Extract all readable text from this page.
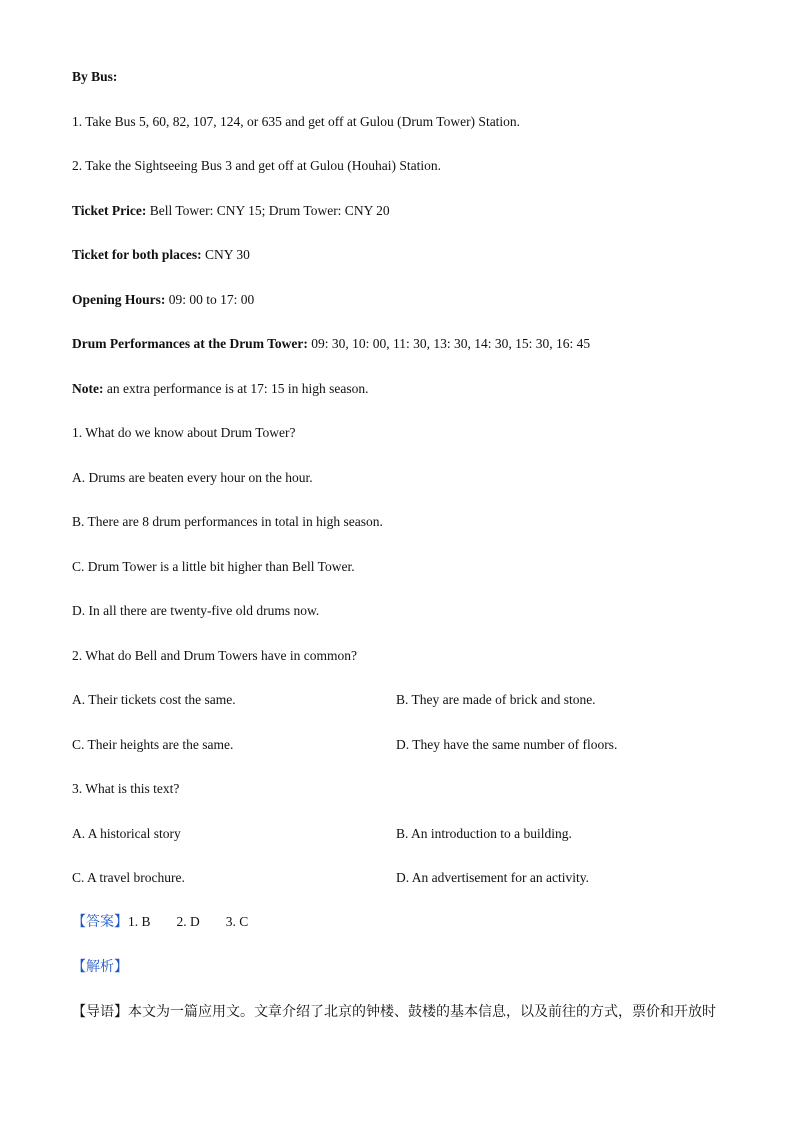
By Bus:
1. Take Bus 5, 60, 82, 107, 124, or 635 and get off at Gulou (Drum Tower) Station.
2. Take the Sightseeing Bus 3 and get off at Gulou (Houhai) Station.
Ticket Price: Bell Tower: CNY 15; Drum Tower: CNY 20
Ticket for both places: CNY 30
Opening Hours: 09: 00 to 17: 00
Drum Performances at the Drum Tower: 09: 30, 10: 00, 11: 30, 13: 30, 14: 30, 15: 30, 16: 45
Note: an extra performance is at 17: 15 in high season.
1. What do we know about Drum Tower?
A. Drums are beaten every hour on the hour.
B. There are 8 drum performances in total in high season.
C. Drum Tower is a little bit higher than Bell Tower.
D. In all there are twenty-five old drums now.
2. What do Bell and Drum Towers have in common?
A. Their tickets cost the same.	B. They are made of brick and stone.
C. Their heights are the same.	D. They have the same number of floors.
3. What is this text?
A. A historical story	B. An introduction to a building.
C. A travel brochure.	D. An advertisement for an activity.
【答案】1. B 2. D 3. C
【解析】
【导语】本文为一篇应用文。文章介绍了北京的钟楼、鼓楼的基本信息，以及前往的方式，票价和开放时
